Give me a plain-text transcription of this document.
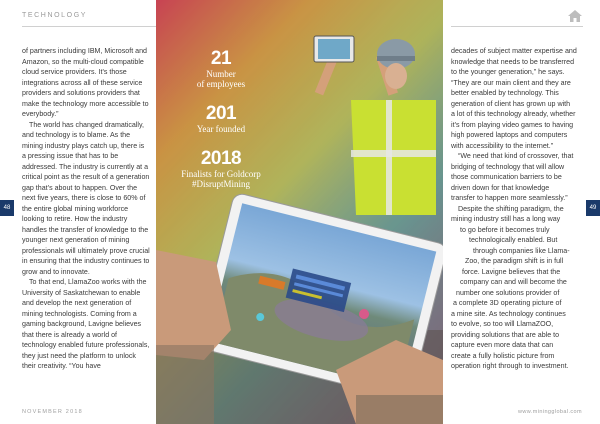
TECHNOLOGY

of partners including IBM, Microsoft and Amazon, so the multi-cloud compatible cloud service providers. It’s those integrations across all of these service providers and solutions providers that make the technology more accessible to everybody.”

The world has changed dramatically, and technology is to blame. As the mining industry plays catch up, there is a pressing issue that has to be addressed. The industry is currently at a critical point as the result of a generation gap that’s about to happen. Over the next five years, there is close to 60% of the entire global mining workforce looking to retire. How the industry handles the transfer of knowledge to the younger next generation of mining professionals will ultimately prove crucial in ensuring that the industry continues to grow and to innovate.

To that end, LlamaZoo works with the University of Saskatchewan to enable and develop the next generation of mining technologists. Coming from a gaming background, Lavigne believes that there is already a world of technology enabled future professionals, they just need the platform to unlock their creativity. “You have

21
Number
of employees
201
Year founded
2018
Finalists for Goldcorp
#DisruptMining
decades of subject matter expertise and
knowledge that needs to be transferred
to the younger generation,” he says.
“They are our main client and they are
better enabled by technology. This
generation of client has grown up with
a lot of this technology already, whether
it’s from playing video games to having
high powered laptops and computers
with accessibility to the internet.”
“We need that kind of crossover, that
bridging of technology that will allow
those communication barriers to be
driven down for that knowledge
transfer to happen more seamlessly.”
Despite the shifting paradigm, the
mining industry still has a long way
to go before it becomes truly
technologically enabled. But
through companies like Llama-
Zoo, the paradigm shift is in full
force. Lavigne believes that the
company can and will become the
number one solutions provider of
a complete 3D operating picture of
a mine site. As technology continues
to evolve, so too will LlamaZOO,
providing solutions that are able to
capture even more data that can
create a fully holistic picture from
operation right through to investment.
48	49
NOVEMBER 2018	www.miningglobal.com
